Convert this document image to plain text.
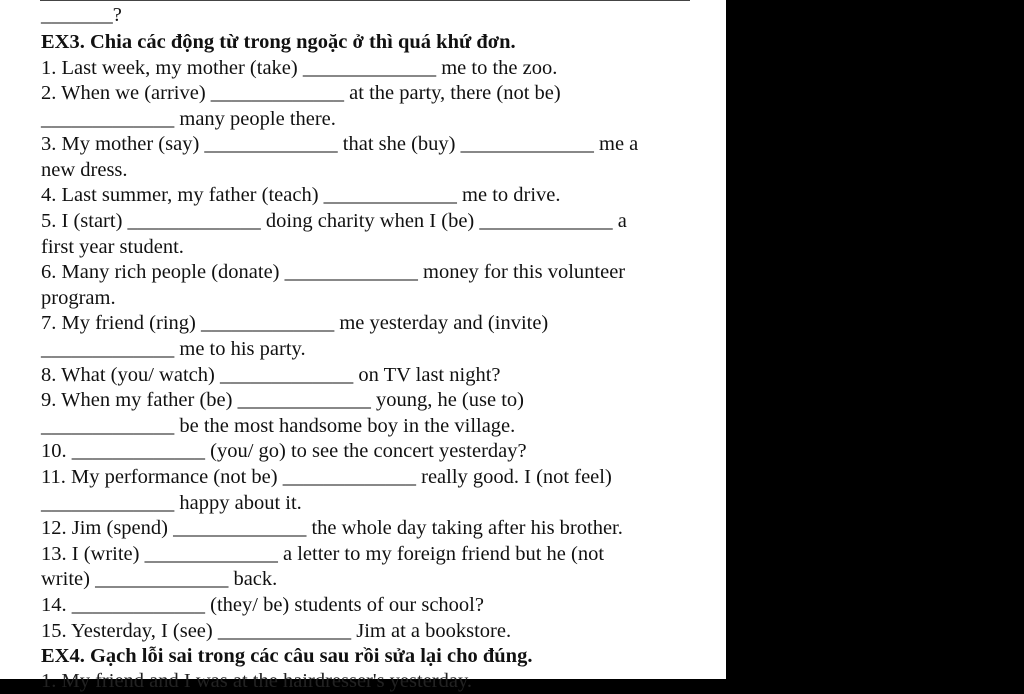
_______?
EX3. Chia các động từ trong ngoặc ở thì quá khứ đơn.
1. Last week, my mother (take) _____________ me to the zoo.
2. When we (arrive) _____________ at the party, there (not be)
_____________ many people there.
3. My mother (say) _____________ that she (buy) _____________ me a
new dress.
4. Last summer, my father (teach) _____________ me to drive.
5. I (start) _____________ doing charity when I (be) _____________ a
first year student.
6. Many rich people (donate) _____________ money for this volunteer
program.
7. My friend (ring) _____________ me yesterday and (invite)
_____________ me to his party.
8. What (you/ watch) _____________ on TV last night?
9. When my father (be) _____________ young, he (use to)
_____________ be the most handsome boy in the village.
10. _____________ (you/ go) to see the concert yesterday?
11. My performance (not be) _____________ really good. I (not feel)
_____________ happy about it.
12. Jim (spend) _____________ the whole day taking after his brother.
13. I (write) _____________ a letter to my foreign friend but he (not
write) _____________ back.
14. _____________ (they/ be) students of our school?
15. Yesterday, I (see) _____________ Jim at a bookstore.
EX4. Gạch lỗi sai trong các câu sau rồi sửa lại cho đúng.
1. My friend and I was at the hairdresser's yesterday.
